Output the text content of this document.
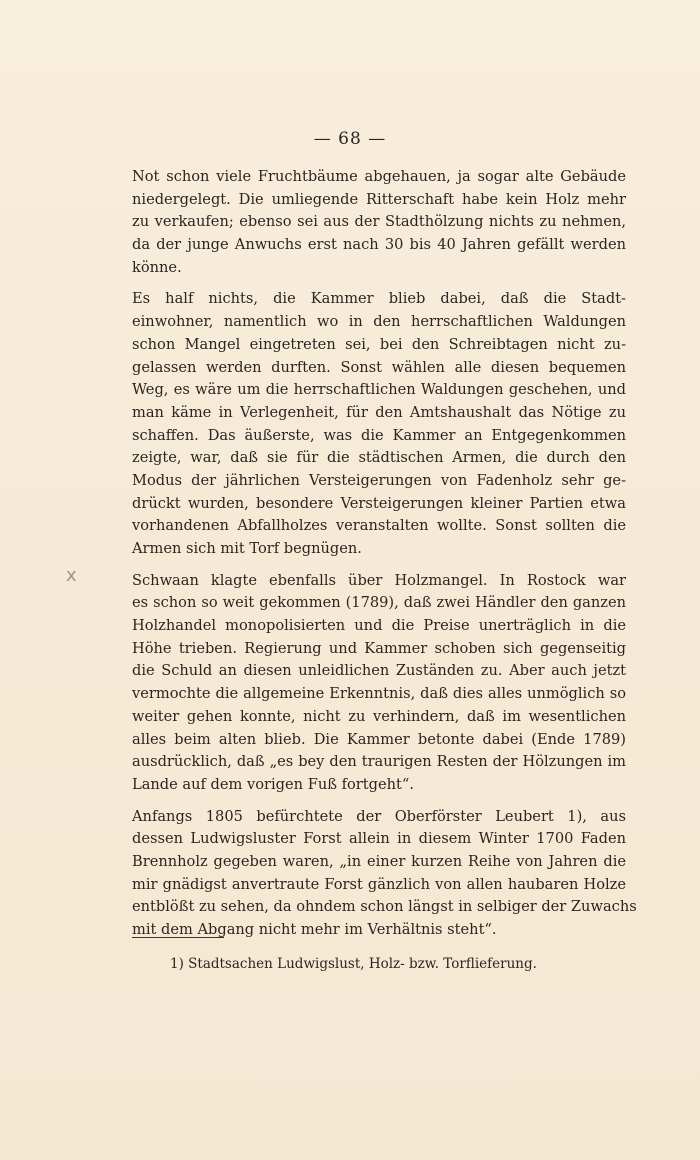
— 68 —
x
Not schon viele Fruchtbäume abgehauen, ja sogar alte Gebäude
niedergelegt. Die umliegende Ritterschaft habe kein Holz mehr
zu verkaufen; ebenso sei aus der Stadthölzung nichts zu nehmen,
da der junge Anwuchs erst nach 30 bis 40 Jahren gefällt werden
könne.
Es half nichts, die Kammer blieb dabei, daß die Stadt-
einwohner, namentlich wo in den herrschaftlichen Waldungen
schon Mangel eingetreten sei, bei den Schreibtagen nicht zu-
gelassen werden durften. Sonst wählen alle diesen bequemen
Weg, es wäre um die herrschaftlichen Waldungen geschehen, und
man käme in Verlegenheit, für den Amtshaushalt das Nötige zu
schaffen. Das äußerste, was die Kammer an Entgegenkommen
zeigte, war, daß sie für die städtischen Armen, die durch den
Modus der jährlichen Versteigerungen von Fadenholz sehr ge-
drückt wurden, besondere Versteigerungen kleiner Partien etwa
vorhandenen Abfallholzes veranstalten wollte. Sonst sollten die
Armen sich mit Torf begnügen.
Schwaan klagte ebenfalls über Holzmangel. In Rostock war
es schon so weit gekommen (1789), daß zwei Händler den ganzen
Holzhandel monopolisierten und die Preise unerträglich in die
Höhe trieben. Regierung und Kammer schoben sich gegenseitig
die Schuld an diesen unleidlichen Zuständen zu. Aber auch jetzt
vermochte die allgemeine Erkenntnis, daß dies alles unmöglich so
weiter gehen konnte, nicht zu verhindern, daß im wesentlichen
alles beim alten blieb. Die Kammer betonte dabei (Ende 1789)
ausdrücklich, daß „es bey den traurigen Resten der Hölzungen im
Lande auf dem vorigen Fuß fortgeht“.
Anfangs 1805 befürchtete der Oberförster Leubert 1), aus
dessen Ludwigsluster Forst allein in diesem Winter 1700 Faden
Brennholz gegeben waren, „in einer kurzen Reihe von Jahren die
mir gnädigst anvertraute Forst gänzlich von allen haubaren Holze
entblößt zu sehen, da ohndem schon längst in selbiger der Zuwachs
mit dem Abgang nicht mehr im Verhältnis steht“.
1) Stadtsachen Ludwigslust, Holz- bzw. Torflieferung.
